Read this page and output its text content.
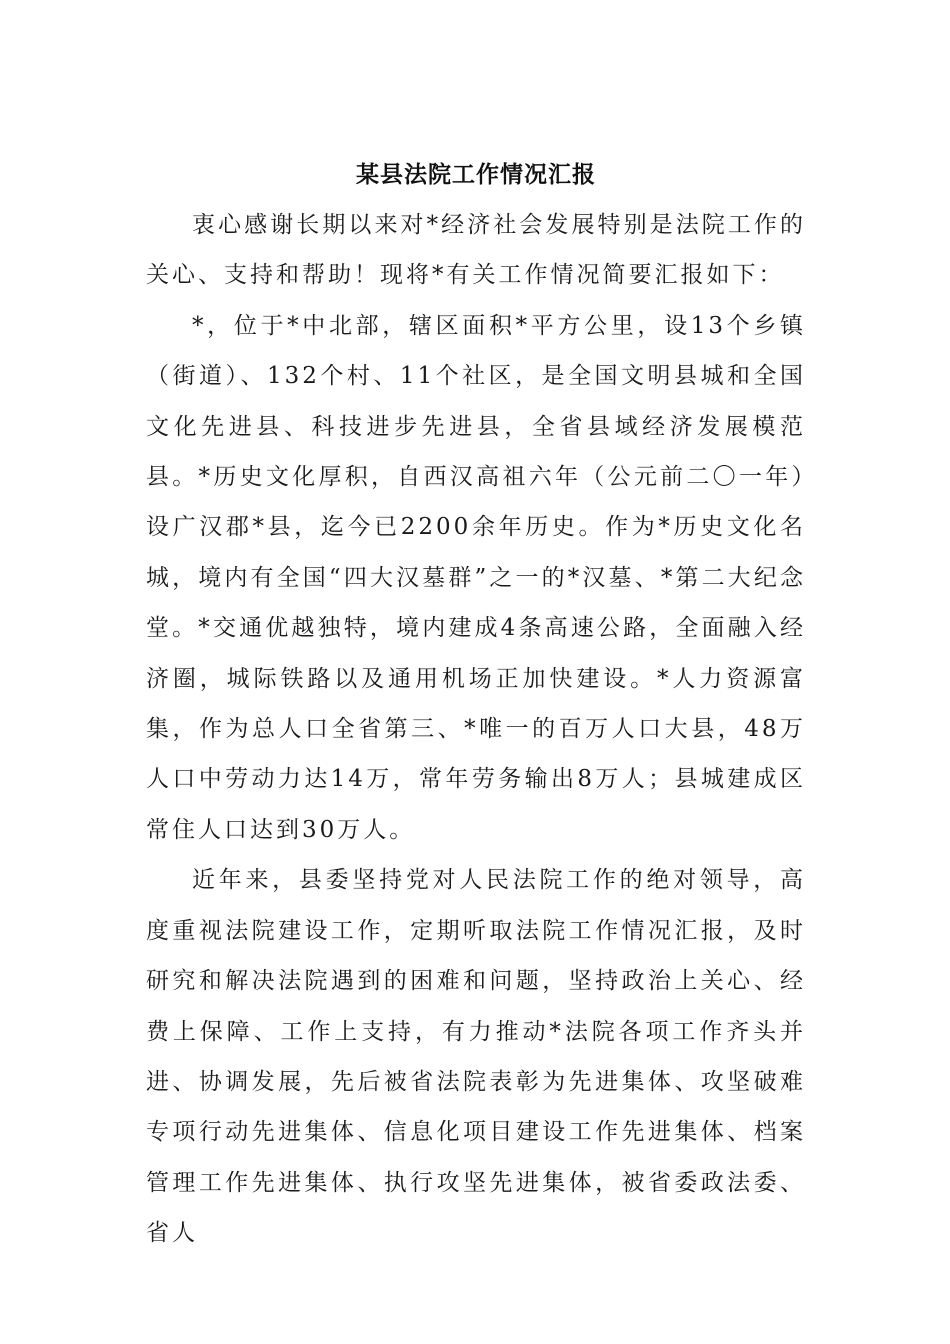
某县法院工作情况汇报

衷心感谢长期以来对*经济社会发展特别是法院工作的关心、支持和帮助！现将*有关工作情况简要汇报如下：

*，位于*中北部，辖区面积*平方公里，设13个乡镇（街道）、132个村、11个社区，是全国文明县城和全国文化先进县、科技进步先进县，全省县域经济发展模范县。*历史文化厚积，自西汉高祖六年（公元前二〇一年）设广汉郡*县，迄今已2200余年历史。作为*历史文化名城，境内有全国“四大汉墓群”之一的*汉墓、*第二大纪念堂。*交通优越独特，境内建成4条高速公路，全面融入经济圈，城际铁路以及通用机场正加快建设。*人力资源富集，作为总人口全省第三、*唯一的百万人口大县，48万人口中劳动力达14万，常年劳务输出8万人；县城建成区常住人口达到30万人。

近年来，县委坚持党对人民法院工作的绝对领导，高度重视法院建设工作，定期听取法院工作情况汇报，及时研究和解决法院遇到的困难和问题，坚持政治上关心、经费上保障、工作上支持，有力推动*法院各项工作齐头并进、协调发展，先后被省法院表彰为先进集体、攻坚破难专项行动先进集体、信息化项目建设工作先进集体、档案管理工作先进集体、执行攻坚先进集体，被省委政法委、省人
